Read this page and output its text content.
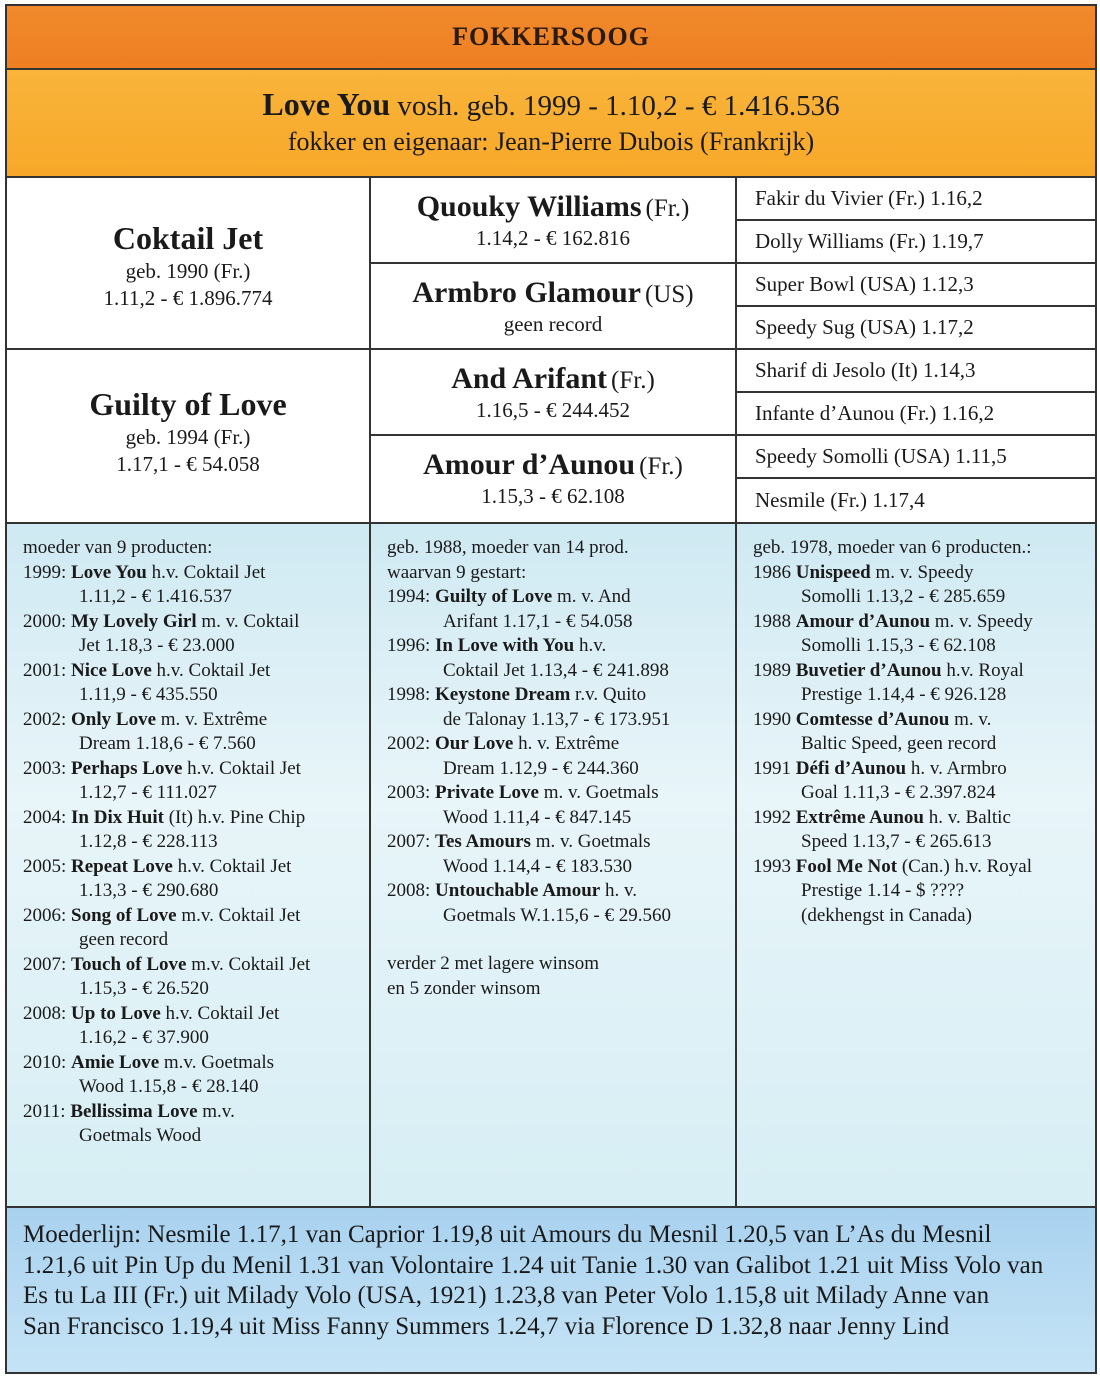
FOKKERSOOG
Love You vosh. geb. 1999 - 1.10,2 - € 1.416.536
fokker en eigenaar: Jean-Pierre Dubois (Frankrijk)
Coktail Jet
geb. 1990 (Fr.)
1.11,2 - € 1.896.774
Guilty of Love
geb. 1994 (Fr.)
1.17,1 - € 54.058
Quouky Williams (Fr.)
1.14,2 - € 162.816
Armbro Glamour (US)
geen record
And Arifant (Fr.)
1.16,5 - € 244.452
Amour d’Aunou (Fr.)
1.15,3 - € 62.108
Fakir du Vivier (Fr.) 1.16,2
Dolly Williams (Fr.) 1.19,7
Super Bowl (USA) 1.12,3
Speedy Sug (USA) 1.17,2
Sharif di Jesolo (It) 1.14,3
Infante d’Aunou (Fr.) 1.16,2
Speedy Somolli (USA) 1.11,5
Nesmile (Fr.) 1.17,4
moeder van 9 producten:
1999: Love You h.v. Coktail Jet
1.11,2 - € 1.416.537
2000: My Lovely Girl m. v. Coktail
Jet 1.18,3 - € 23.000
2001: Nice Love h.v. Coktail Jet
1.11,9 - € 435.550
2002: Only Love m. v. Extrême
Dream 1.18,6 - € 7.560
2003: Perhaps Love h.v. Coktail Jet
1.12,7 - € 111.027
2004: In Dix Huit (It) h.v. Pine Chip
1.12,8 - € 228.113
2005: Repeat Love h.v. Coktail Jet
1.13,3 - € 290.680
2006: Song of Love m.v. Coktail Jet
geen record
2007: Touch of Love m.v. Coktail Jet
1.15,3 - € 26.520
2008: Up to Love h.v. Coktail Jet
1.16,2 - € 37.900
2010: Amie Love m.v. Goetmals
Wood 1.15,8 - € 28.140
2011: Bellissima Love m.v.
Goetmals Wood
geb. 1988, moeder van 14 prod.
waarvan 9 gestart:
1994: Guilty of Love m. v. And
Arifant 1.17,1 - € 54.058
1996: In Love with You h.v.
Coktail Jet 1.13,4 - € 241.898
1998: Keystone Dream r.v. Quito
de Talonay 1.13,7 - € 173.951
2002: Our Love h. v. Extrême
Dream 1.12,9 - € 244.360
2003: Private Love m. v. Goetmals
Wood 1.11,4 - € 847.145
2007: Tes Amours m. v. Goetmals
Wood 1.14,4 - € 183.530
2008: Untouchable Amour h. v.
Goetmals W.1.15,6 - € 29.560
verder 2 met lagere winsom
en 5 zonder winsom
geb. 1978, moeder van 6 producten.:
1986 Unispeed m. v. Speedy
Somolli 1.13,2 - € 285.659
1988 Amour d’Aunou m. v. Speedy
Somolli 1.15,3 - € 62.108
1989 Buvetier d’Aunou h.v. Royal
Prestige 1.14,4 - € 926.128
1990 Comtesse d’Aunou m. v.
Baltic Speed, geen record
1991 Défi d’Aunou h. v. Armbro
Goal 1.11,3 - € 2.397.824
1992 Extrême Aunou h. v. Baltic
Speed 1.13,7 - € 265.613
1993 Fool Me Not (Can.) h.v. Royal
Prestige 1.14 - $ ????
(dekhengst in Canada)
Moederlijn: Nesmile 1.17,1 van Caprior 1.19,8 uit Amours du Mesnil 1.20,5 van L’As du Mesnil
1.21,6 uit Pin Up du Menil 1.31 van Volontaire 1.24 uit Tanie 1.30 van Galibot 1.21 uit Miss Volo van
Es tu La III (Fr.) uit Milady Volo (USA, 1921) 1.23,8 van Peter Volo 1.15,8 uit Milady Anne van
San Francisco 1.19,4 uit Miss Fanny Summers 1.24,7 via Florence D 1.32,8 naar Jenny Lind
